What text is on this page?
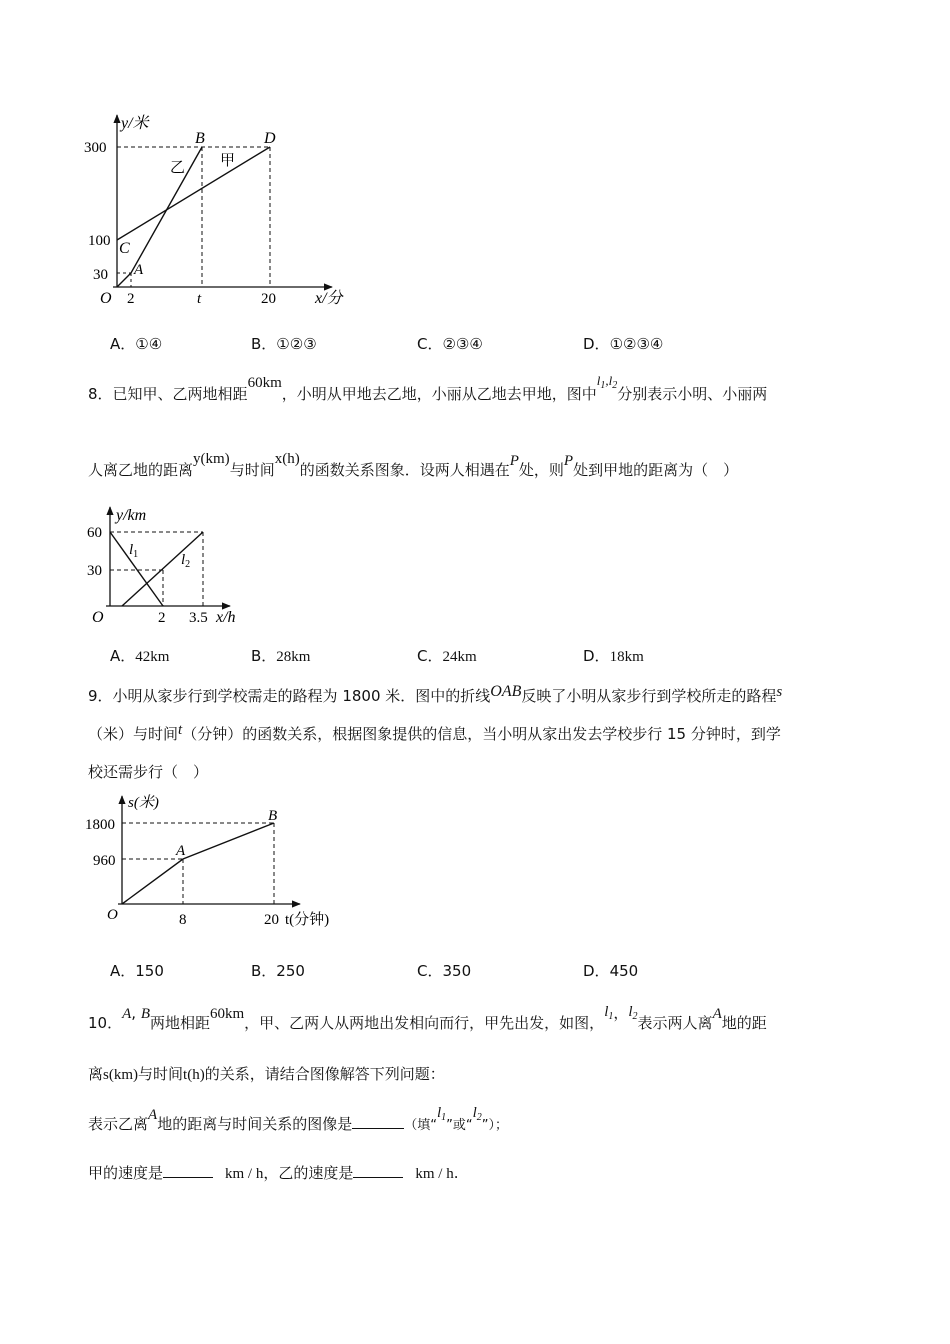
y/米
x/分
300
100
30
O 2	t	20
B	D
C
A
乙 甲
A．①④	B．①②③	C．②③④	D．①②③④
8．已知甲、乙两地相距60km，小明从甲地去乙地，小丽从乙地去甲地，图中$l_1,l_2$分别表示小明、小丽两
人离乙地的距离y(km)与时间x(h)的函数关系图象．设两人相遇在P处，则P处到甲地的距离为（　）
y/km
60
30
O	2 3.5 x/h
$l_1$	$l_2$
A．42km	B．28km	C．24km	D．18km
9．小明从家步行到学校需走的路程为 1800 米．图中的折线OAB反映了小明从家步行到学校所走的路程s
（米）与时间t（分钟）的函数关系，根据图象提供的信息，当小明从家出发去学校步行 15 分钟时，到学
校还需步行（　）
s(米)
1800
960
O	8	20 t(分钟)
A
B
A．150	B．250	C．350	D．450
10．A, B两地相距60km，甲、乙两人从两地出发相向而行，甲先出发，如图，$l_1$，$l_2$表示两人离A地的距
离s(km)与时间t(h)的关系，请结合图像解答下列问题：
表示乙离A地的距离与时间关系的图像是	（填“$l_1$”或“$l_2$”）；
甲的速度是	km / h，乙的速度是	km / h.
